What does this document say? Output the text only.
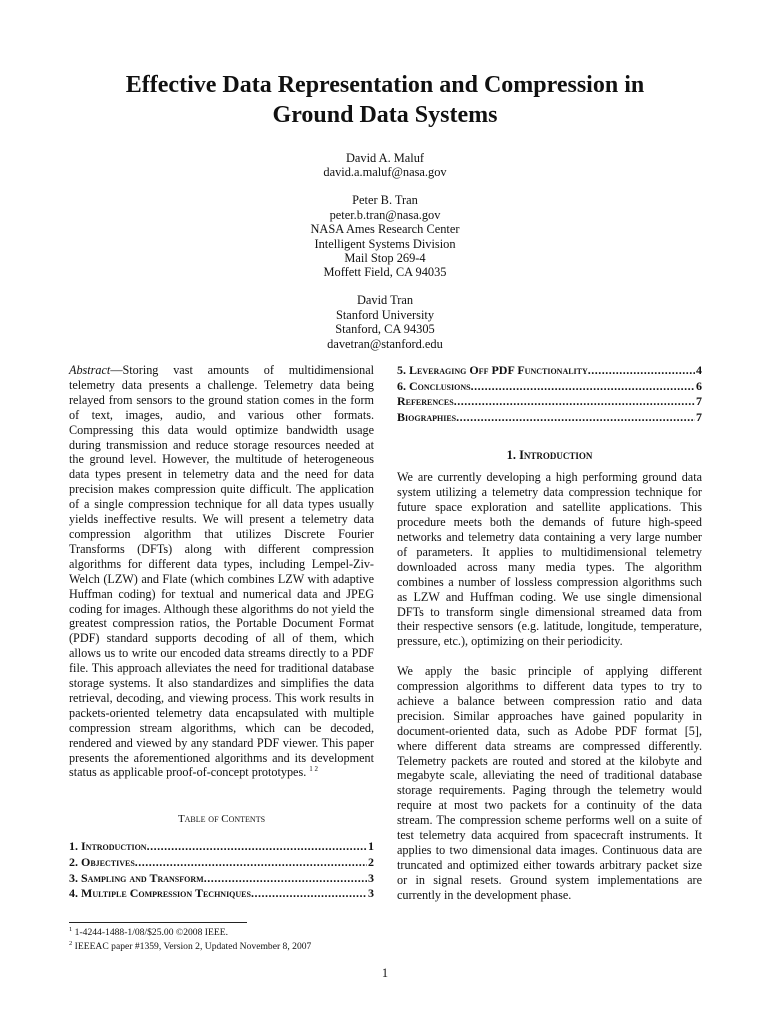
Effective Data Representation and Compression in
Ground Data Systems
David A. Maluf
david.a.maluf@nasa.gov
Peter B. Tran
peter.b.tran@nasa.gov
NASA Ames Research Center
Intelligent Systems Division
Mail Stop 269-4
Moffett Field, CA 94035
David Tran
Stanford University
Stanford, CA 94305
davetran@stanford.edu
Abstract—Storing vast amounts of multidimensional telemetry data presents a challenge. Telemetry data being relayed from sensors to the ground station comes in the form of text, images, audio, and various other formats. Compressing this data would optimize bandwidth usage during transmission and reduce storage resources needed at the ground level. However, the multitude of heterogeneous data types present in telemetry data and the need for data precision makes compression quite difficult. The application of a single compression technique for all data types usually yields ineffective results. We will present a telemetry data compression algorithm that utilizes Discrete Fourier Transforms (DFTs) along with different compression algorithms for different data types, including Lempel-Ziv-Welch (LZW) and Flate (which combines LZW with adaptive Huffman coding) for textual and numerical data and JPEG coding for images. Although these algorithms do not yield the greatest compression ratios, the Portable Document Format (PDF) standard supports decoding of all of them, which allows us to write our encoded data streams directly to a PDF file. This approach alleviates the need for traditional database storage systems. It also standardizes and simplifies the data retrieval, decoding, and viewing process. This work results in packets-oriented telemetry data encapsulated with multiple compression stream algorithms, which can be decoded, rendered and viewed by any standard PDF viewer. This paper presents the aforementioned algorithms and its development status as applicable proof-of-concept prototypes. $^{1 2}$
Table of Contents
1. Introduction .....	1
2. Objectives .....	2
3. Sampling and Transform .....	3
4. Multiple Compression Techniques .....	3
$^1$ 1-4244-1488-1/08/$25.00 ©2008 IEEE.
$^2$ IEEEAC paper #1359, Version 2, Updated November 8, 2007
5. Leveraging Off PDF Functionality .....	4
6. Conclusions .....	6
References .....	7
Biographies .....	7
1. Introduction
We are currently developing a high performing ground data system utilizing a telemetry data compression technique for future space exploration and satellite applications. This procedure meets both the demands of future high-speed networks and telemetry data containing a very large number of parameters. It applies to multidimensional telemetry downloaded across many media types. The algorithm combines a number of lossless compression algorithms such as LZW and Huffman coding. We use single dimensional DFTs to transform single dimensional streamed data from their respective sensors (e.g. latitude, longitude, temperature, pressure, etc.), optimizing on their periodicity.
We apply the basic principle of applying different compression algorithms to different data types to try to achieve a balance between compression ratio and data precision. Similar approaches have gained popularity in document-oriented data, such as Adobe PDF format [5], where different data streams are compressed differently. Telemetry packets are routed and stored at the kilobyte and megabyte scale, alleviating the need of traditional database storage requirements. Paging through the telemetry would require at most two packets for a continuity of the data stream. The compression scheme performs well on a suite of test telemetry data acquired from spacecraft instruments. It applies to two dimensional data images. Continuous data are truncated and optimized either towards arbitrary packet size or in signal resets. Ground system implementations are currently in the development phase.
1
